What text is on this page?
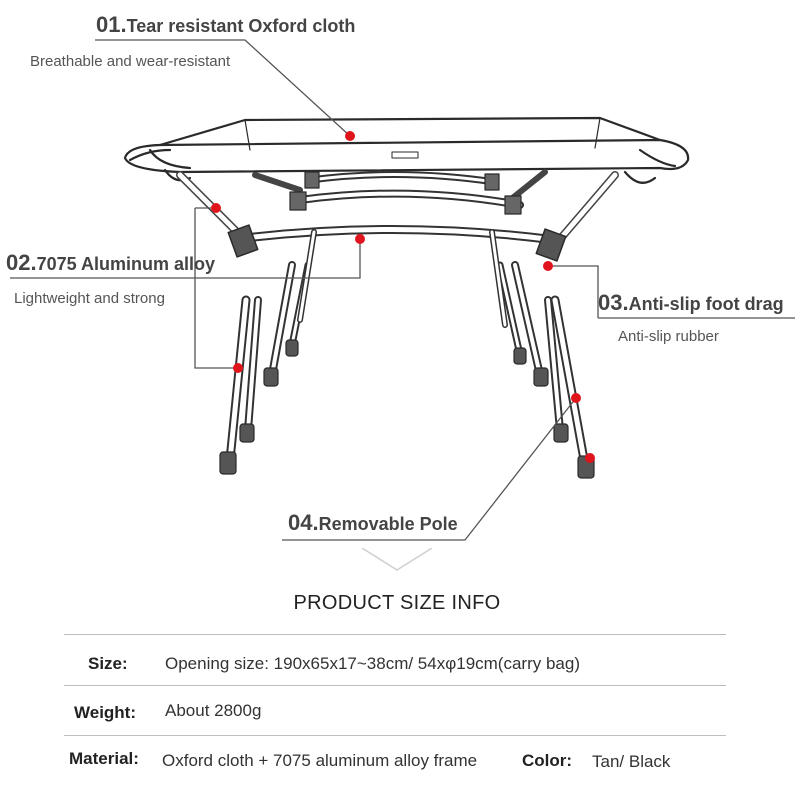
01.Tear resistant Oxford cloth
Breathable and wear-resistant
02.7075 Aluminum alloy
Lightweight and strong	03.Anti-slip foot drag
Anti-slip rubber
04.Removable Pole
PRODUCT SIZE INFO
Size: Opening size: 190x65x17~38cm/ 54xφ19cm(carry bag)
Weight: About 2800g
Material: Oxford cloth + 7075 aluminum alloy frame	Color: Tan/ Black
